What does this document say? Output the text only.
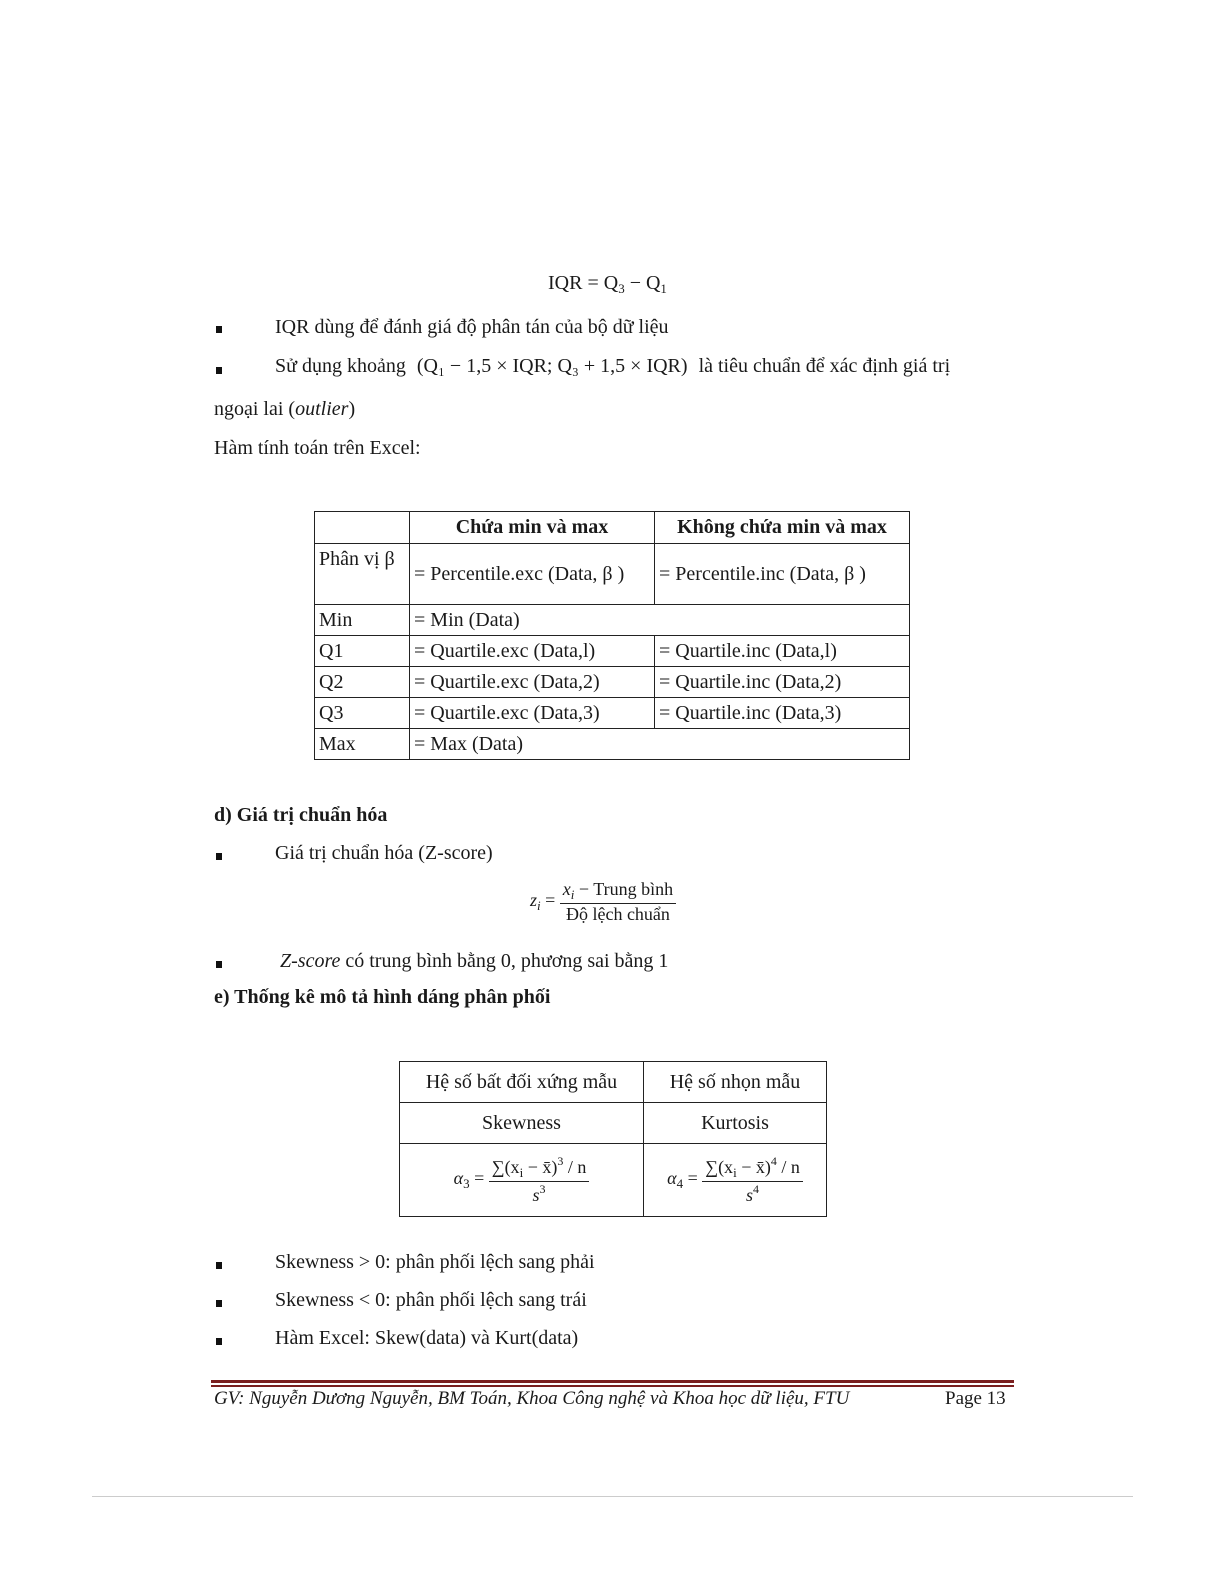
IQR = $Q_3 - Q_1$
IQR dùng để đánh giá độ phân tán của bộ dữ liệu
Sử dụng khoảng (Q₁ − 1,5 × IQR; Q₃ + 1,5 × IQR) là tiêu chuẩn để xác định giá trị
ngoại lai (outlier)
Hàm tính toán trên Excel:
	Chứa min và max	Không chứa min và max
Phân vị β	= Percentile.exc (Data, β )	= Percentile.inc (Data, β )
Min	= Min (Data)	
Q1	= Quartile.exc (Data,l)	= Quartile.inc (Data,l)
Q2	= Quartile.exc (Data,2)	= Quartile.inc (Data,2)
Q3	= Quartile.exc (Data,3)	= Quartile.inc (Data,3)
Max	= Max (Data)	
d) Giá trị chuẩn hóa
Giá trị chuẩn hóa (Z-score)
$z_i = \frac{x_i - Trung bình}{\text{Độ lệch chuẩn}}$
Z-score có trung bình bằng 0, phương sai bằng 1
e) Thống kê mô tả hình dáng phân phối
Hệ số bất đối xứng mẫu	Hệ số nhọn mẫu
Skewness	Kurtosis
$\alpha_3 = \frac{\sum(x_i - x̄)^3 / n}{s^3}$	$\alpha_4 = \frac{\sum(x_i - x̄)^4 / n}{s^4}$
Skewness > 0: phân phối lệch sang phải
Skewness < 0: phân phối lệch sang trái
Hàm Excel: Skew(data) và Kurt(data)
GV: Nguyễn Dương Nguyễn, BM Toán, Khoa Công nghệ và Khoa học dữ liệu, FTU	Page 13
